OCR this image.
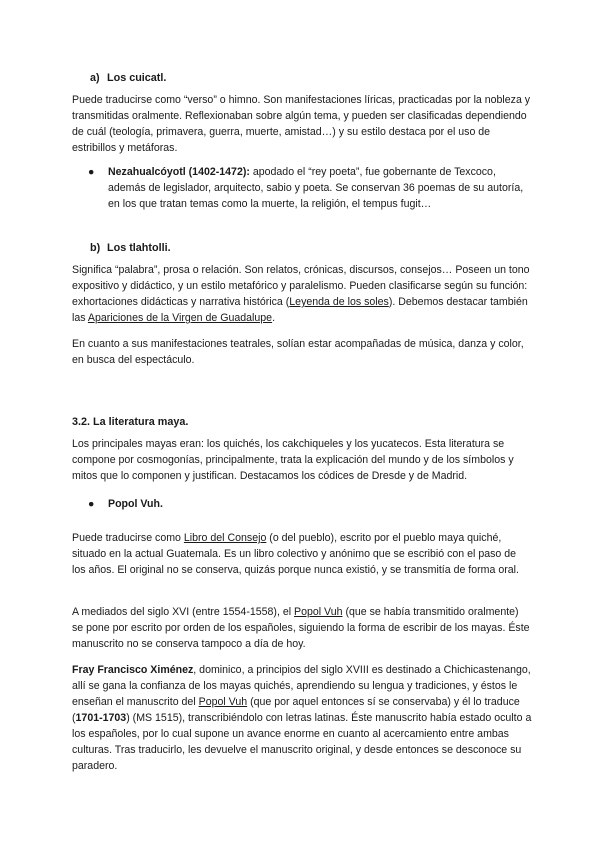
a) Los cuicatl.

Puede traducirse como “verso” o himno. Son manifestaciones líricas, practicadas por la nobleza y transmitidas oralmente. Reflexionaban sobre algún tema, y pueden ser clasificadas dependiendo de cuál (teología, primavera, guerra, muerte, amistad…) y su estilo destaca por el uso de estribillos y metáforas.

● Nezahualcóyotl (1402-1472): apodado el “rey poeta”, fue gobernante de Texcoco, además de legislador, arquitecto, sabio y poeta. Se conservan 36 poemas de su autoría, en los que tratan temas como la muerte, la religión, el tempus fugit…

b) Los tlahtolli.

Significa “palabra”, prosa o relación. Son relatos, crónicas, discursos, consejos… Poseen un tono expositivo y didáctico, y un estilo metafórico y paralelismo. Pueden clasificarse según su función: exhortaciones didácticas y narrativa histórica (Leyenda de los soles). Debemos destacar también las Apariciones de la Virgen de Guadalupe.

En cuanto a sus manifestaciones teatrales, solían estar acompañadas de música, danza y color, en busca del espectáculo.

3.2. La literatura maya.

Los principales mayas eran: los quichés, los cakchiqueles y los yucatecos. Esta literatura se compone por cosmogonías, principalmente, trata la explicación del mundo y de los símbolos y mitos que lo componen y justifican. Destacamos los códices de Dresde y de Madrid.

● Popol Vuh.

Puede traducirse como Libro del Consejo (o del pueblo), escrito por el pueblo maya quiché, situado en la actual Guatemala. Es un libro colectivo y anónimo que se escribió con el paso de los años. El original no se conserva, quizás porque nunca existió, y se transmitía de forma oral.

A mediados del siglo XVI (entre 1554-1558), el Popol Vuh (que se había transmitido oralmente) se pone por escrito por orden de los españoles, siguiendo la forma de escribir de los mayas. Éste manuscrito no se conserva tampoco a día de hoy.

Fray Francisco Ximénez, dominico, a principios del siglo XVIII es destinado a Chichicastenango, allí se gana la confianza de los mayas quichés, aprendiendo su lengua y tradiciones, y éstos le enseñan el manuscrito del Popol Vuh (que por aquel entonces sí se conservaba) y él lo traduce (1701-1703) (MS 1515), transcribiéndolo con letras latinas. Éste manuscrito había estado oculto a los españoles, por lo cual supone un avance enorme en cuanto al acercamiento entre ambas culturas. Tras traducirlo, les devuelve el manuscrito original, y desde entonces se desconoce su paradero.
